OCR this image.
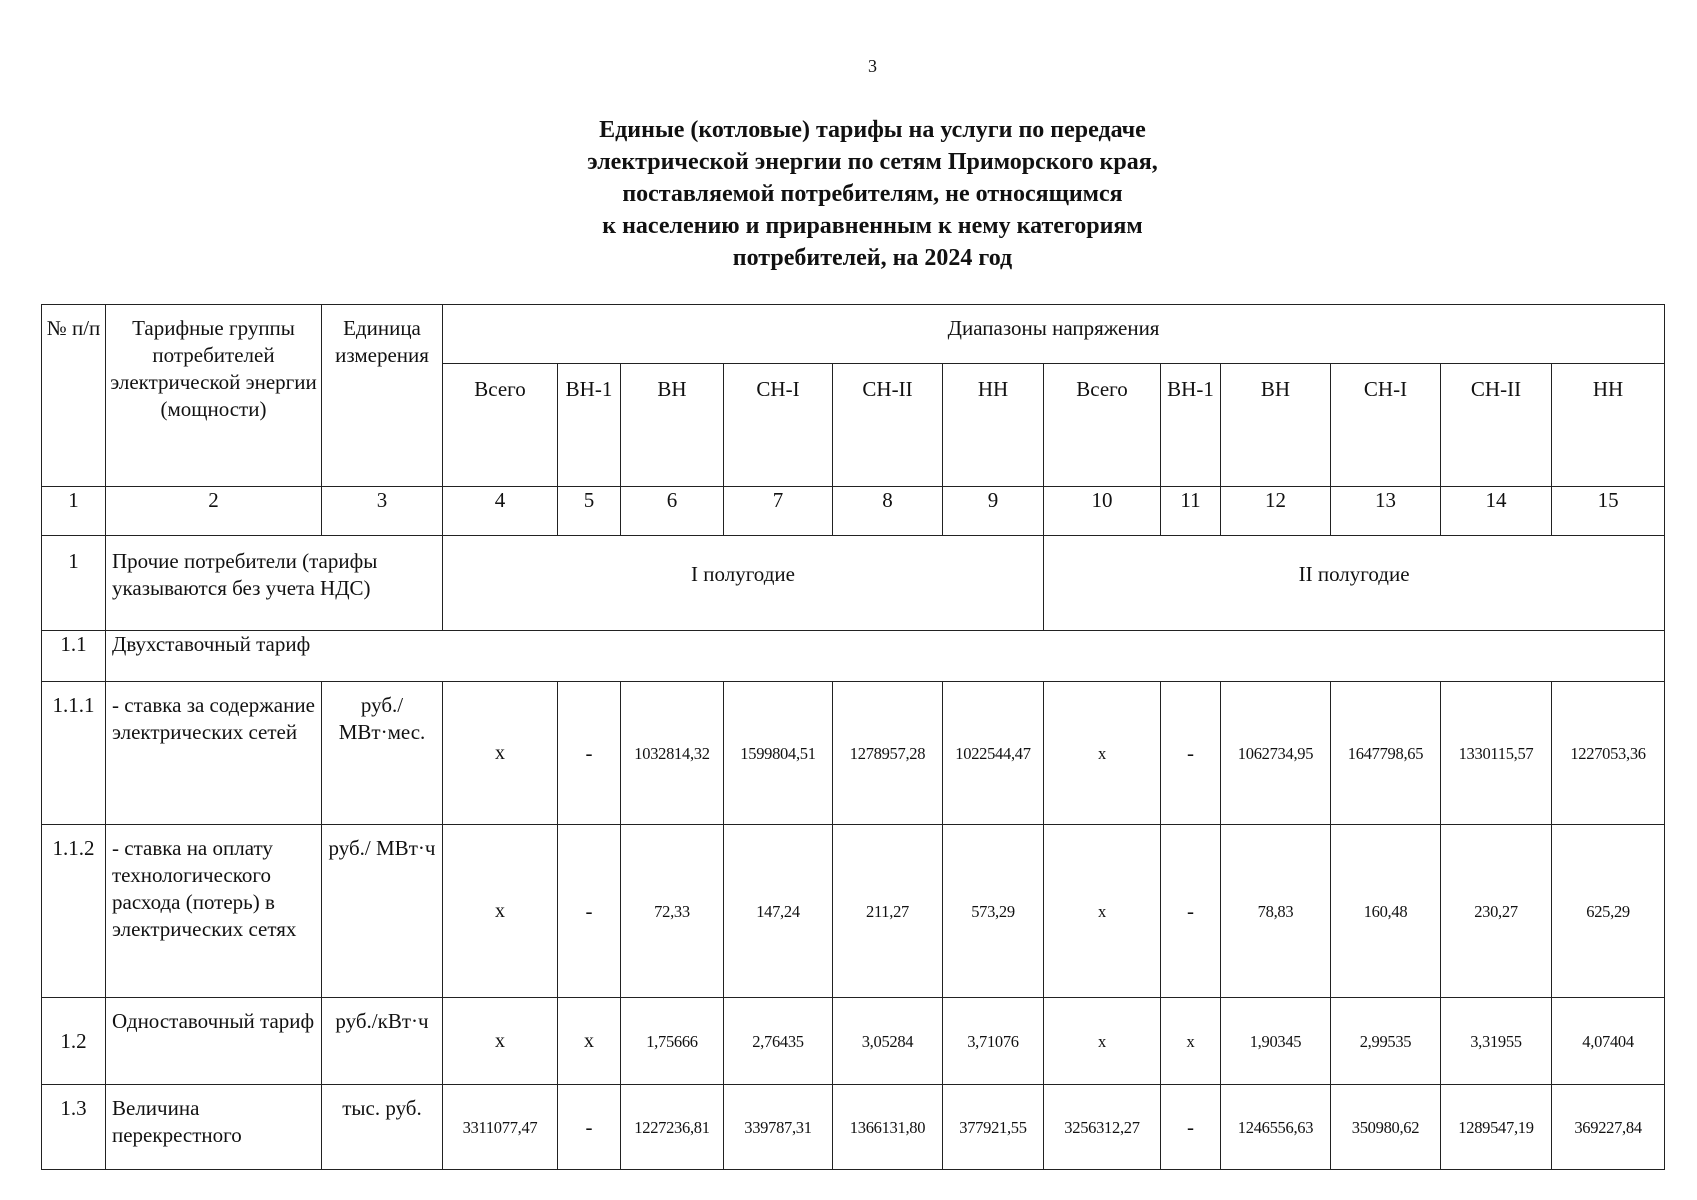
3
Единые (котловые) тарифы на услуги по передаче
электрической энергии по сетям Приморского края,
поставляемой потребителям, не относящимся
к населению и приравненным к нему категориям
потребителей, на 2024 год
№ п/п	Тарифные группы потребителей электрической энергии (мощности)	Единица измерения	Диапазоны напряжения											
			Всего	ВН-1	ВН	СН-I	СН-II	НН	Всего	ВН-1	ВН	СН-I	СН-II	НН
1	2	3	4	5	6	7	8	9	10	11	12	13	14	15
1	Прочие потребители (тарифы указываются без учета НДС)		I полугодие						II полугодие					
1.1	Двухставочный тариф													
1.1.1	- ставка за содержание электрических сетей	руб./ МВт·мес.	х	-	1032814,32	1599804,51	1278957,28	1022544,47	х	-	1062734,95	1647798,65	1330115,57	1227053,36
1.1.2	- ставка на оплату технологического расхода (потерь) в электрических сетях	руб./ МВт·ч	х	-	72,33	147,24	211,27	573,29	х	-	78,83	160,48	230,27	625,29
1.2	Одноставочный тариф	руб./кВт·ч	х	х	1,75666	2,76435	3,05284	3,71076	х	х	1,90345	2,99535	3,31955	4,07404
1.3	Величина перекрестного	тыс. руб.	3311077,47	-	1227236,81	339787,31	1366131,80	377921,55	3256312,27	-	1246556,63	350980,62	1289547,19	369227,84
